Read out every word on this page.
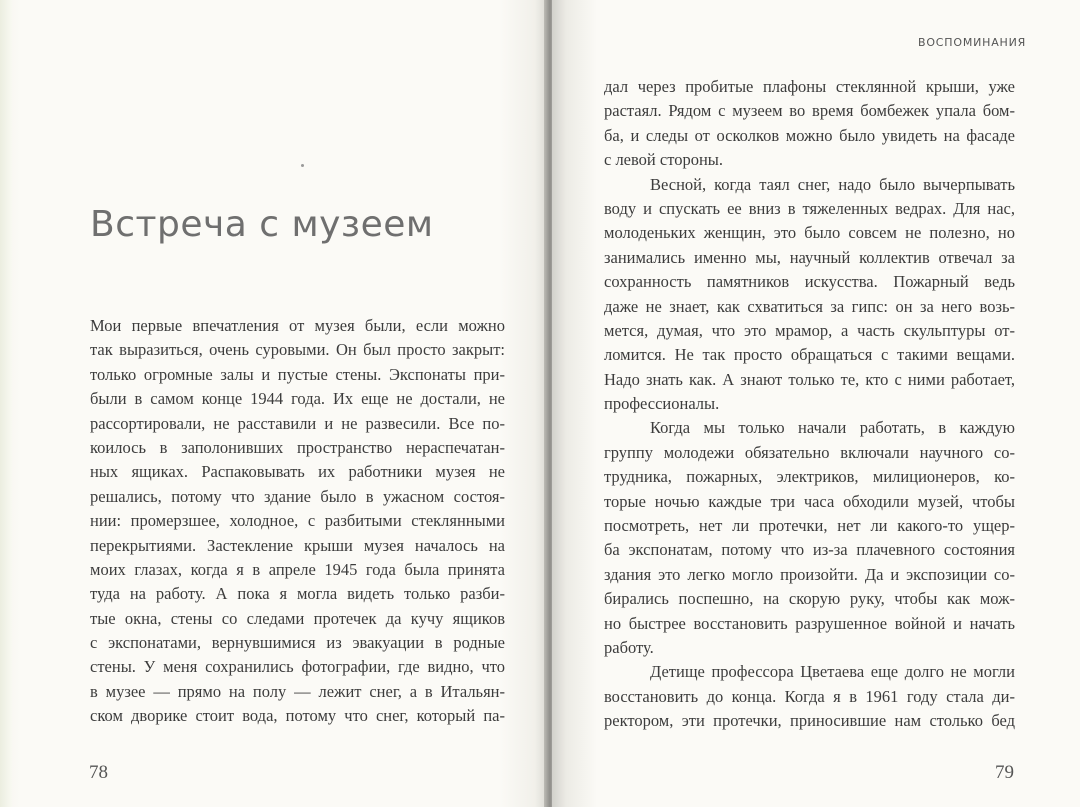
Встреча с музеем
Мои первые впечатления от музея были, если можно
так выразиться, очень суровыми. Он был просто закрыт:
только огромные залы и пустые стены. Экспонаты при-
были в самом конце 1944 года. Их еще не достали, не
рассортировали, не расставили и не развесили. Все по-
коилось в заполонивших пространство нераспечатан-
ных ящиках. Распаковывать их работники музея не
решались, потому что здание было в ужасном состоя-
нии: промерзшее, холодное, с разбитыми стеклянными
перекрытиями. Застекление крыши музея началось на
моих глазах, когда я в апреле 1945 года была принята
туда на работу. А пока я могла видеть только разби-
тые окна, стены со следами протечек да кучу ящиков
с экспонатами, вернувшимися из эвакуации в родные
стены. У меня сохранились фотографии, где видно, что
в музее — прямо на полу — лежит снег, а в Итальян-
ском дворике стоит вода, потому что снег, который па-
78
ВОСПОМИНАНИЯ
дал через пробитые плафоны стеклянной крыши, уже
растаял. Рядом с музеем во время бомбежек упала бом-
ба, и следы от осколков можно было увидеть на фасаде
с левой стороны.
Весной, когда таял снег, надо было вычерпывать
воду и спускать ее вниз в тяжеленных ведрах. Для нас,
молоденьких женщин, это было совсем не полезно, но
занимались именно мы, научный коллектив отвечал за
сохранность памятников искусства. Пожарный ведь
даже не знает, как схватиться за гипс: он за него возь-
мется, думая, что это мрамор, а часть скульптуры от-
ломится. Не так просто обращаться с такими вещами.
Надо знать как. А знают только те, кто с ними работает,
профессионалы.
Когда мы только начали работать, в каждую
группу молодежи обязательно включали научного со-
трудника, пожарных, электриков, милиционеров, ко-
торые ночью каждые три часа обходили музей, чтобы
посмотреть, нет ли протечки, нет ли какого-то ущер-
ба экспонатам, потому что из-за плачевного состояния
здания это легко могло произойти. Да и экспозиции со-
бирались поспешно, на скорую руку, чтобы как мож-
но быстрее восстановить разрушенное войной и начать
работу.
Детище профессора Цветаева еще долго не могли
восстановить до конца. Когда я в 1961 году стала ди-
ректором, эти протечки, приносившие нам столько бед
79
